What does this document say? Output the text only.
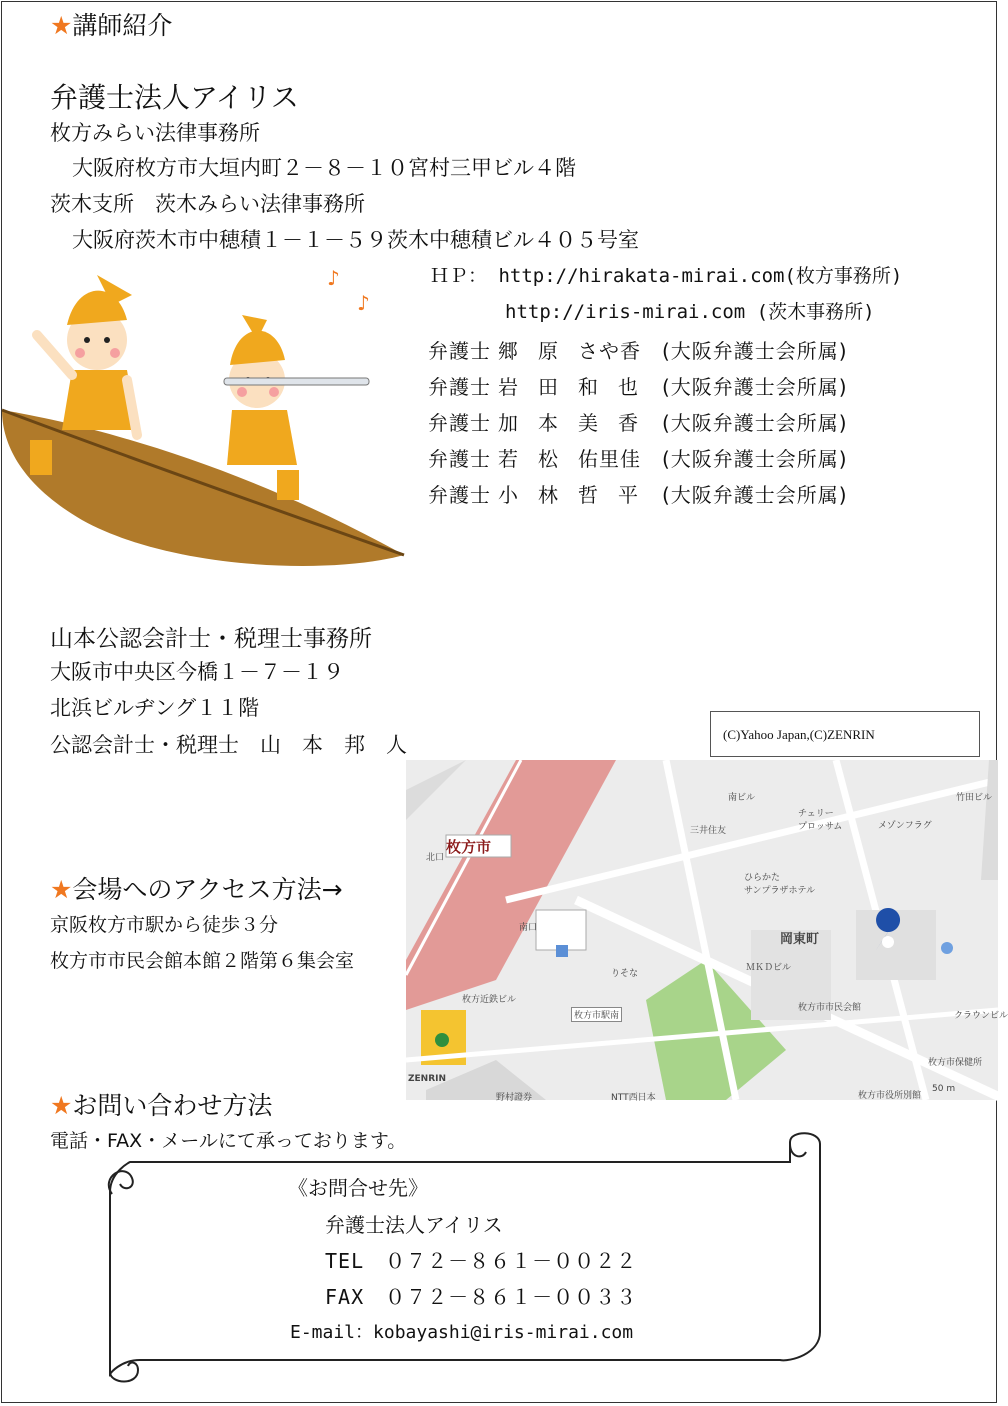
★講師紹介
弁護士法人アイリス
枚方みらい法律事務所
大阪府枚方市大垣内町２－８－１０宮村三甲ビル４階
茨木支所　茨木みらい法律事務所
大阪府茨木市中穂積１－１－５９茨木中穂積ビル４０５号室
♪
♪
ＨＰ： http://hirakata-mirai.com(枚方事務所)
http://iris-mirai.com (茨木事務所)
弁護士 郷 原 さや香 (大阪弁護士会所属)
弁護士 岩 田 和 也 (大阪弁護士会所属)
弁護士 加 本 美 香 (大阪弁護士会所属)
弁護士 若 松 佑里佳 (大阪弁護士会所属)
弁護士 小 林 哲 平 (大阪弁護士会所属)
山本公認会計士・税理士事務所
大阪市中央区今橋１－７－１９
北浜ビルヂング１１階
公認会計士・税理士　山　本　邦　人	(C)Yahoo Japan,(C)ZENRIN
枚方市
北口
南口
岡東町
枚方市駅南
枚方市市民会館
枚方近鉄ビル
りそな
三井住友
南ビル
チェリー
プロッサム
ひらかた
サンプラザホテル
ＭＫＤビル
メゾンフラグ
竹田ビル
クラウンビル
枚方市保健所
50 m
枚方市役所別館
ZENRIN
野村證券	NTT西日本
★会場へのアクセス方法→
京阪枚方市駅から徒歩３分
枚方市市民会館本館２階第６集会室
★お問い合わせ方法
電話・FAX・メールにて承っております。
《お問合せ先》
弁護士法人アイリス
TEL　０７２－８６１－００２２
FAX　０７２－８６１－００３３
E-mail：kobayashi@iris-mirai.com
